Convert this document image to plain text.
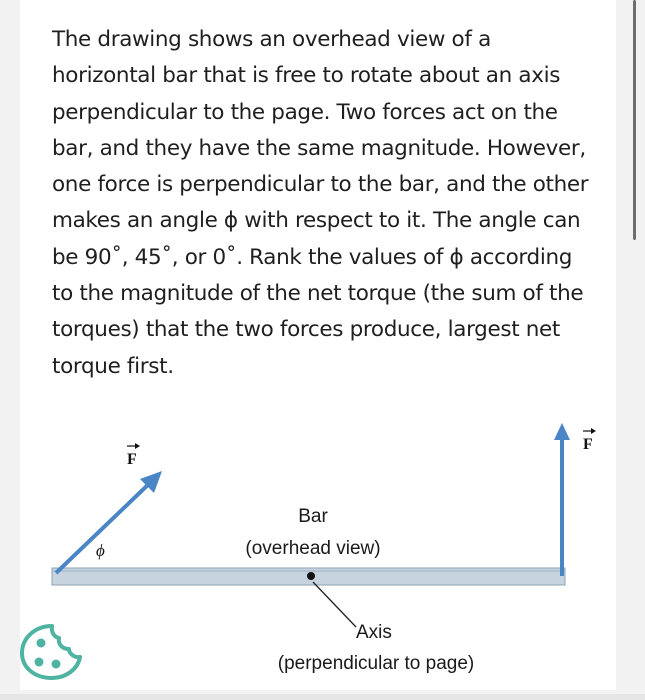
The drawing shows an overhead view of a horizontal bar that is free to rotate about an axis perpendicular to the page. Two forces act on the bar, and they have the same magnitude. However, one force is perpendicular to the bar, and the other makes an angle ϕ with respect to it. The angle can be 90˚, 45˚, or 0˚. Rank the values of ϕ according to the magnitude of the net torque (the sum of the torques) that the two forces produce, largest net torque first.

F
F
ϕ
Bar
(overhead view)
Axis
(perpendicular to page)
